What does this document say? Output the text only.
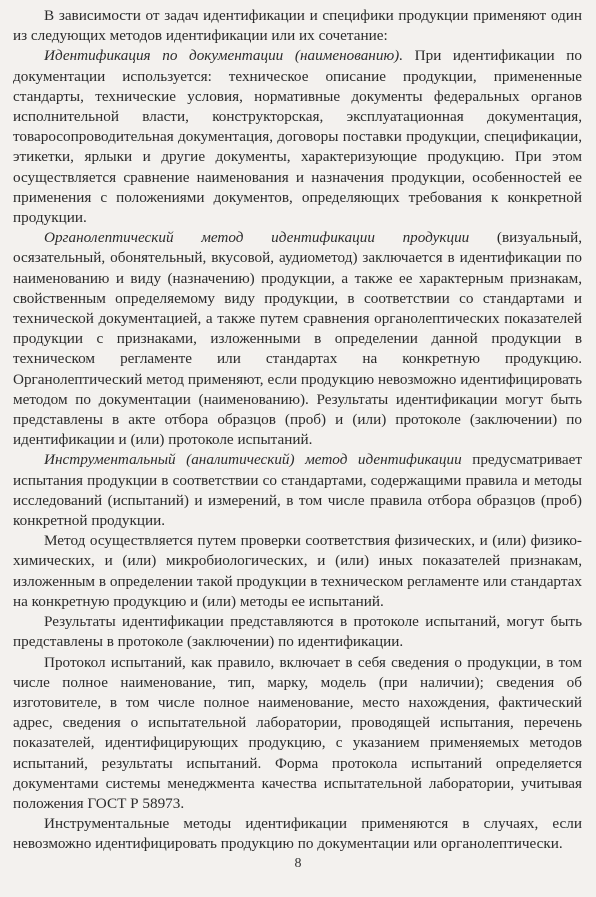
В зависимости от задач идентификации и специфики продукции применяют один из следующих методов идентификации или их сочетание:

Идентификация по документации (наименованию). При идентификации по документации используется: техническое описание продукции, примененные стандарты, технические условия, нормативные документы федеральных органов исполнительной власти, конструкторская, эксплуатационная документация, товаросопроводительная документация, договоры поставки продукции, спецификации, этикетки, ярлыки и другие документы, характеризующие продукцию. При этом осуществляется сравнение наименования и назначения продукции, особенностей ее применения с положениями документов, определяющих требования к конкретной продукции.

Органолептический метод идентификации продукции (визуальный, осязательный, обонятельный, вкусовой, аудиометод) заключается в идентификации по наименованию и виду (назначению) продукции, а также ее характерным признакам, свойственным определяемому виду продукции, в соответствии со стандартами и технической документацией, а также путем сравнения органолептических показателей продукции с признаками, изложенными в определении данной продукции в техническом регламенте или стандартах на конкретную продукцию. Органолептический метод применяют, если продукцию невозможно идентифицировать методом по документации (наименованию). Результаты идентификации могут быть представлены в акте отбора образцов (проб) и (или) протоколе (заключении) по идентификации и (или) протоколе испытаний.

Инструментальный (аналитический) метод идентификации предусматривает испытания продукции в соответствии со стандартами, содержащими правила и методы исследований (испытаний) и измерений, в том числе правила отбора образцов (проб) конкретной продукции.

Метод осуществляется путем проверки соответствия физических, и (или) физико-химических, и (или) микробиологических, и (или) иных показателей признакам, изложенным в определении такой продукции в техническом регламенте или стандартах на конкретную продукцию и (или) методы ее испытаний.

Результаты идентификации представляются в протоколе испытаний, могут быть представлены в протоколе (заключении) по идентификации.

Протокол испытаний, как правило, включает в себя сведения о продукции, в том числе полное наименование, тип, марку, модель (при наличии); сведения об изготовителе, в том числе полное наименование, место нахождения, фактический адрес, сведения о испытательной лаборатории, проводящей испытания, перечень показателей, идентифицирующих продукцию, с указанием применяемых методов испытаний, результаты испытаний. Форма протокола испытаний определяется документами системы менеджмента качества испытательной лаборатории, учитывая положения ГОСТ Р 58973.

Инструментальные методы идентификации применяются в случаях, если невозможно идентифицировать продукцию по документации или органолептически.

8
